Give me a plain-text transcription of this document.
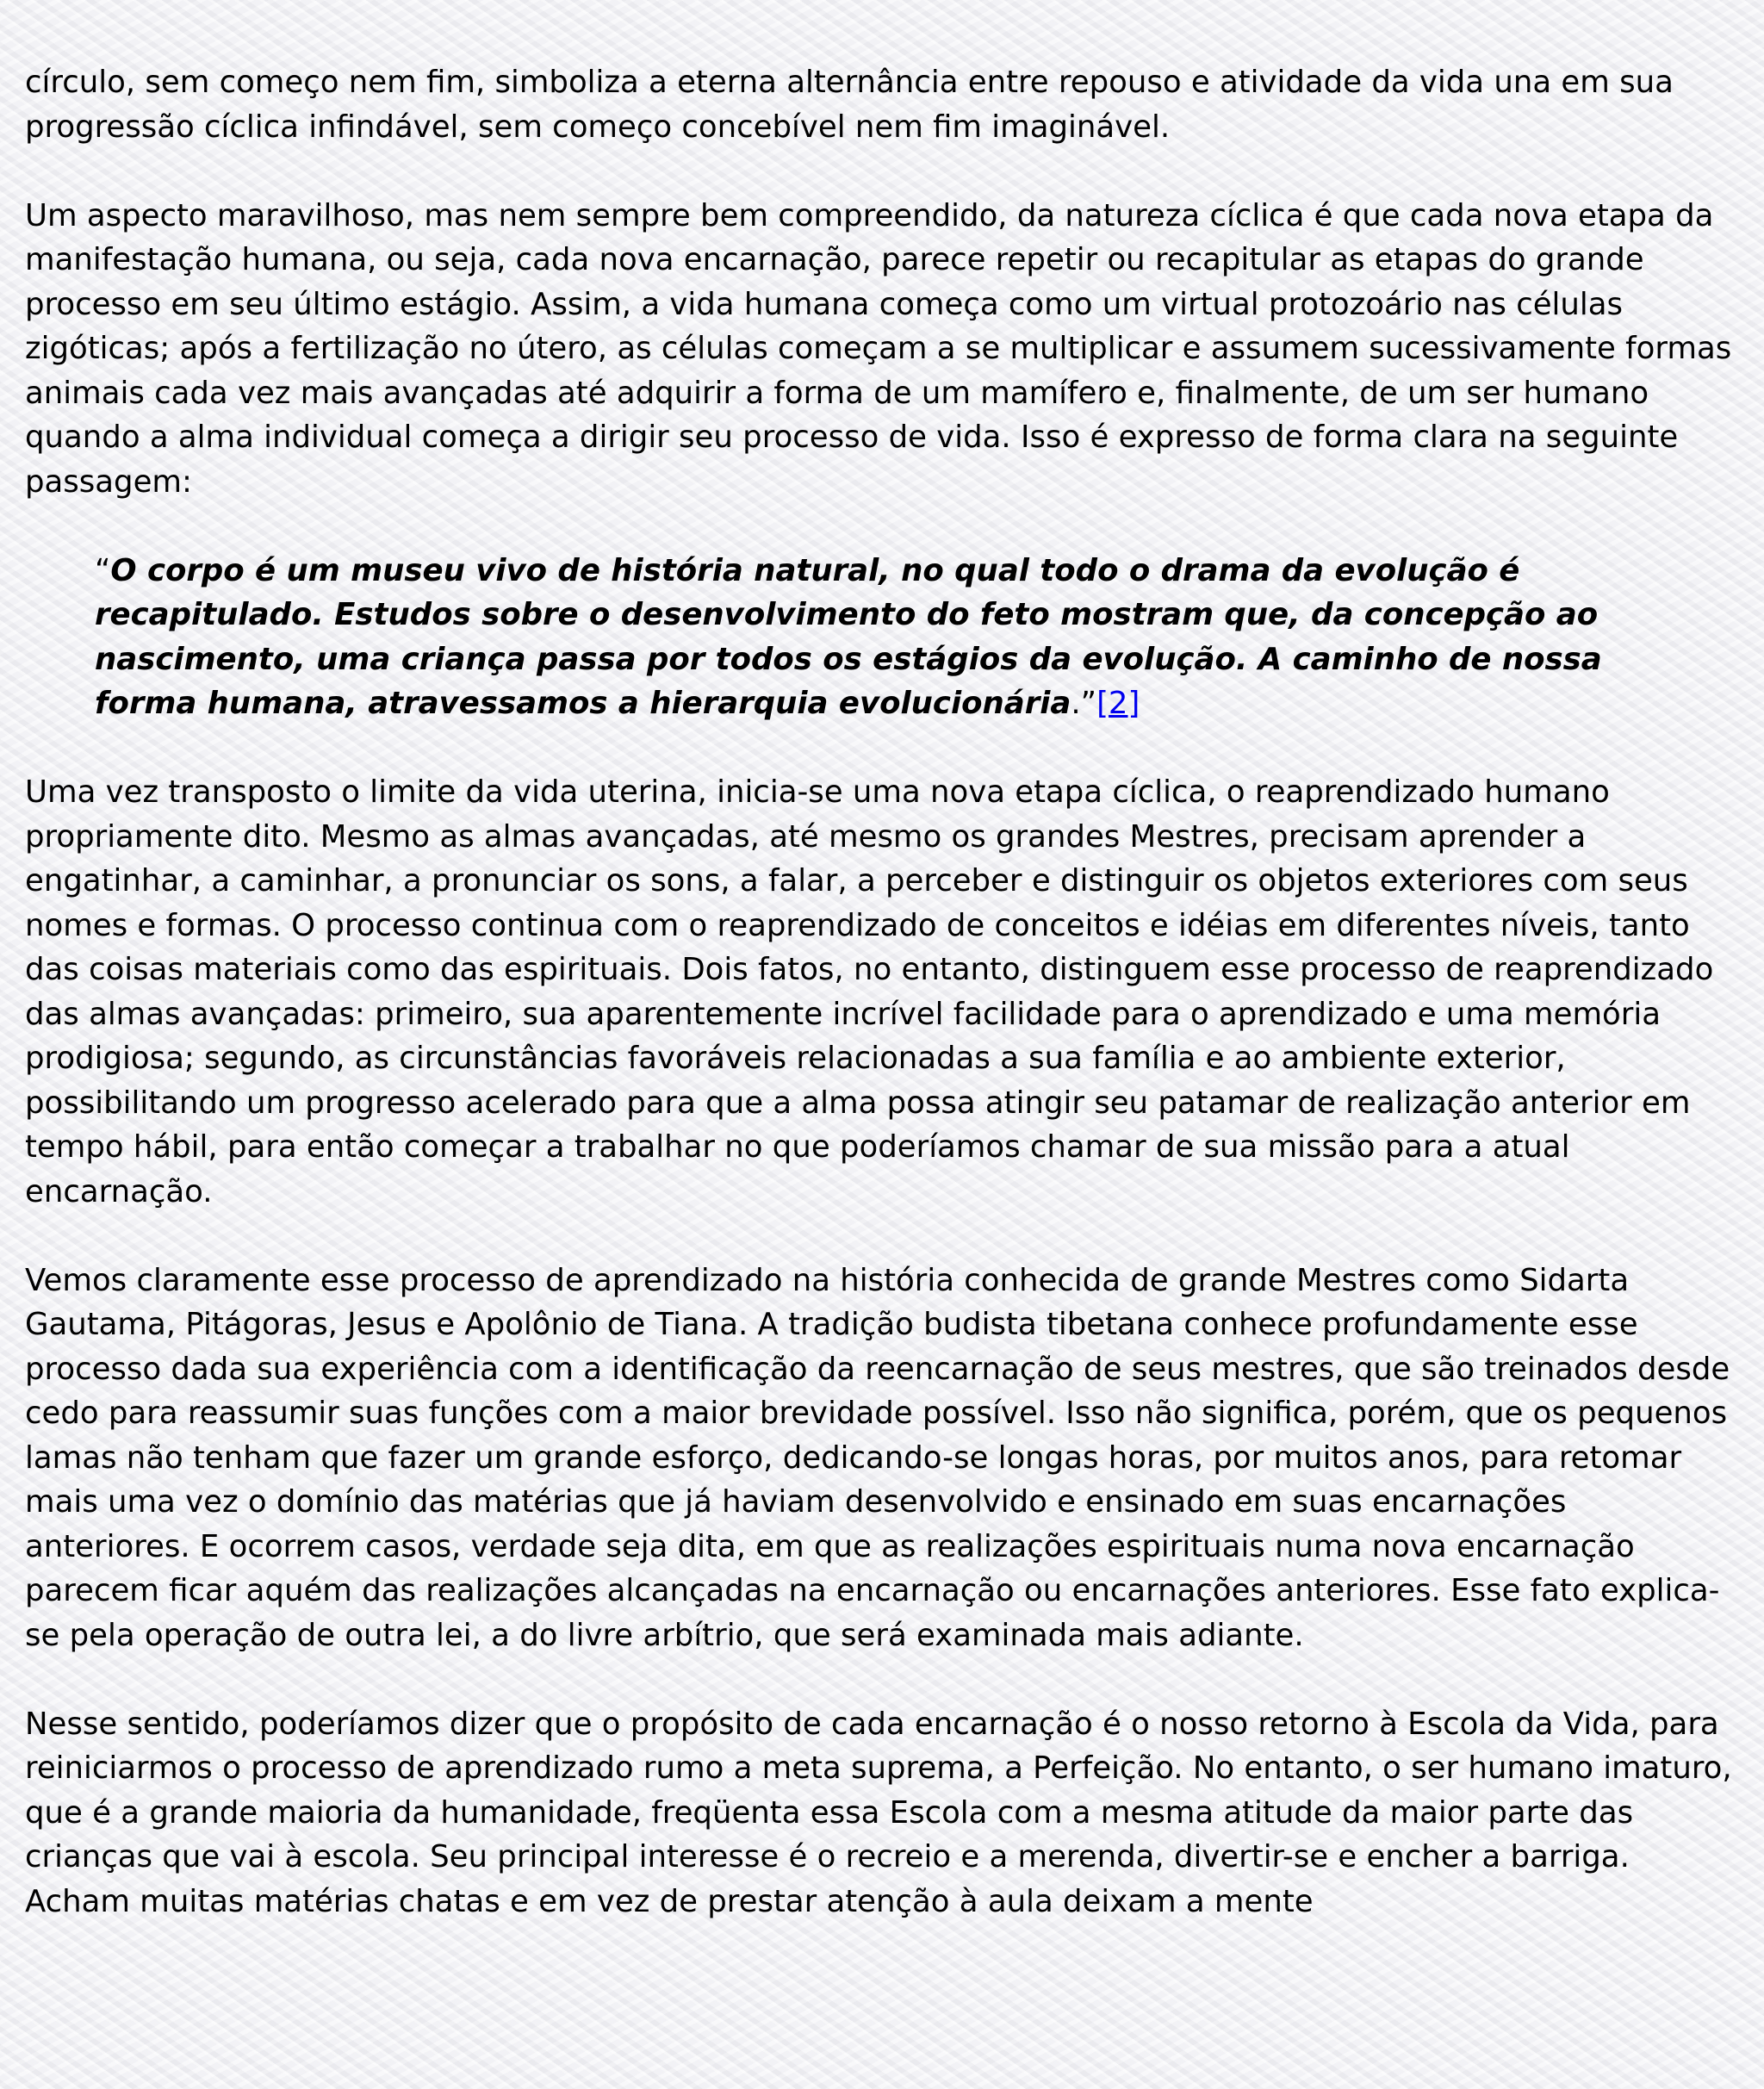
círculo, sem começo nem fim, simboliza a eterna alternância entre repouso e atividade da vida una em sua progressão cíclica infindável, sem começo concebível nem fim imaginável.

Um aspecto maravilhoso, mas nem sempre bem compreendido, da natureza cíclica é que cada nova etapa da manifestação humana, ou seja, cada nova encarnação, parece repetir ou recapitular as etapas do grande processo em seu último estágio. Assim, a vida humana começa como um virtual protozoário nas células zigóticas; após a fertilização no útero, as células começam a se multiplicar e assumem sucessivamente formas animais cada vez mais avançadas até adquirir a forma de um mamífero e, finalmente, de um ser humano quando a alma individual começa a dirigir seu processo de vida. Isso é expresso de forma clara na seguinte passagem:

“O corpo é um museu vivo de história natural, no qual todo o drama da evolução é recapitulado. Estudos sobre o desenvolvimento do feto mostram que, da concepção ao nascimento, uma criança passa por todos os estágios da evolução. A caminho de nossa forma humana, atravessamos a hierarquia evolucionária.”[2]

Uma vez transposto o limite da vida uterina, inicia-se uma nova etapa cíclica, o reaprendizado humano propriamente dito. Mesmo as almas avançadas, até mesmo os grandes Mestres, precisam aprender a engatinhar, a caminhar, a pronunciar os sons, a falar, a perceber e distinguir os objetos exteriores com seus nomes e formas. O processo continua com o reaprendizado de conceitos e idéias em diferentes níveis, tanto das coisas materiais como das espirituais. Dois fatos, no entanto, distinguem esse processo de reaprendizado das almas avançadas: primeiro, sua aparentemente incrível facilidade para o aprendizado e uma memória prodigiosa; segundo, as circunstâncias favoráveis relacionadas a sua família e ao ambiente exterior, possibilitando um progresso acelerado para que a alma possa atingir seu patamar de realização anterior em tempo hábil, para então começar a trabalhar no que poderíamos chamar de sua missão para a atual encarnação.

Vemos claramente esse processo de aprendizado na história conhecida de grande Mestres como Sidarta Gautama, Pitágoras, Jesus e Apolônio de Tiana. A tradição budista tibetana conhece profundamente esse processo dada sua experiência com a identificação da reencarnação de seus mestres, que são treinados desde cedo para reassumir suas funções com a maior brevidade possível. Isso não significa, porém, que os pequenos lamas não tenham que fazer um grande esforço, dedicando-se longas horas, por muitos anos, para retomar mais uma vez o domínio das matérias que já haviam desenvolvido e ensinado em suas encarnações anteriores. E ocorrem casos, verdade seja dita, em que as realizações espirituais numa nova encarnação parecem ficar aquém das realizações alcançadas na encarnação ou encarnações anteriores. Esse fato explica-se pela operação de outra lei, a do livre arbítrio, que será examinada mais adiante.

Nesse sentido, poderíamos dizer que o propósito de cada encarnação é o nosso retorno à Escola da Vida, para reiniciarmos o processo de aprendizado rumo a meta suprema, a Perfeição. No entanto, o ser humano imaturo, que é a grande maioria da humanidade, freqüenta essa Escola com a mesma atitude da maior parte das crianças que vai à escola. Seu principal interesse é o recreio e a merenda, divertir-se e encher a barriga. Acham muitas matérias chatas e em vez de prestar atenção à aula deixam a mente
